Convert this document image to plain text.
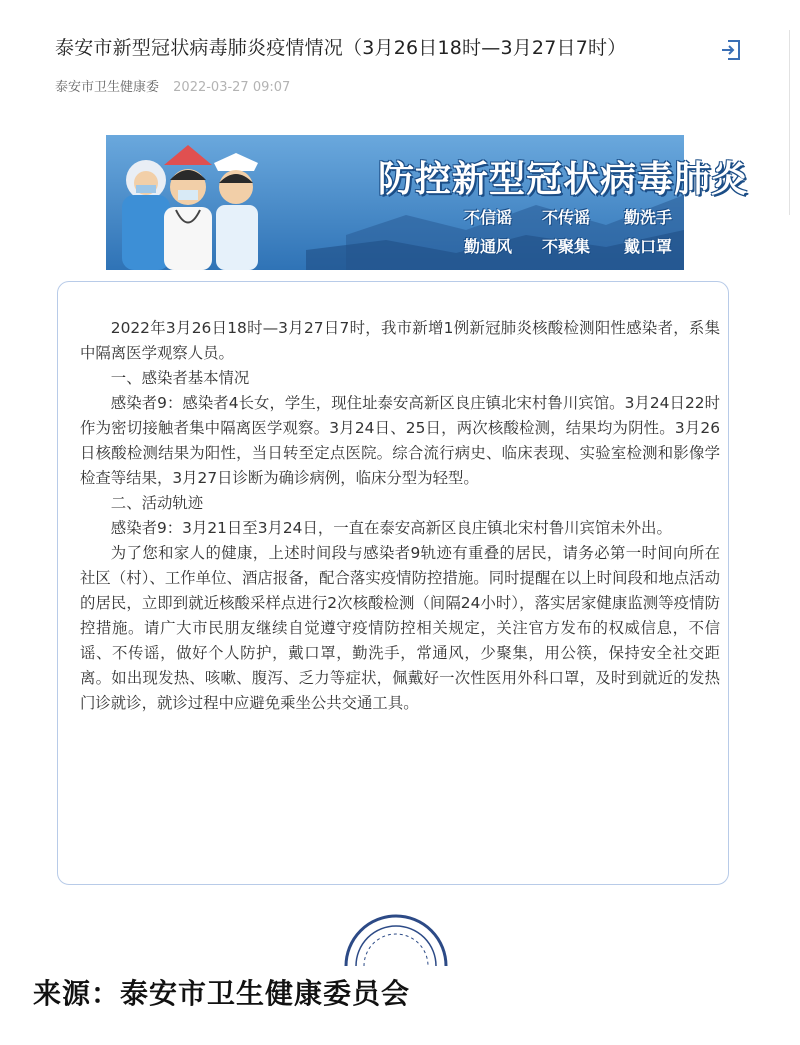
泰安市新型冠状病毒肺炎疫情情况（3月26日18时—3月27日7时）
泰安市卫生健康委 2022-03-27 09:07
防控新型冠状病毒肺炎
不信谣 不传谣 勤洗手
勤通风 不聚集 戴口罩

2022年3月26日18时—3月27日7时，我市新增1例新冠肺炎核酸检测阳性感染者，系集中隔离医学观察人员。

一、感染者基本情况

感染者9：感染者4长女，学生，现住址泰安高新区良庄镇北宋村鲁川宾馆。3月24日22时作为密切接触者集中隔离医学观察。3月24日、25日，两次核酸检测，结果均为阴性。3月26日核酸检测结果为阳性，当日转至定点医院。综合流行病史、临床表现、实验室检测和影像学检查等结果，3月27日诊断为确诊病例，临床分型为轻型。

二、活动轨迹

感染者9：3月21日至3月24日，一直在泰安高新区良庄镇北宋村鲁川宾馆未外出。

为了您和家人的健康，上述时间段与感染者9轨迹有重叠的居民，请务必第一时间向所在社区（村）、工作单位、酒店报备，配合落实疫情防控措施。同时提醒在以上时间段和地点活动的居民，立即到就近核酸采样点进行2次核酸检测（间隔24小时），落实居家健康监测等疫情防控措施。请广大市民朋友继续自觉遵守疫情防控相关规定，关注官方发布的权威信息，不信谣、不传谣，做好个人防护，戴口罩，勤洗手，常通风，少聚集，用公筷，保持安全社交距离。如出现发热、咳嗽、腹泻、乏力等症状，佩戴好一次性医用外科口罩，及时到就近的发热门诊就诊，就诊过程中应避免乘坐公共交通工具。

来源：泰安市卫生健康委员会
